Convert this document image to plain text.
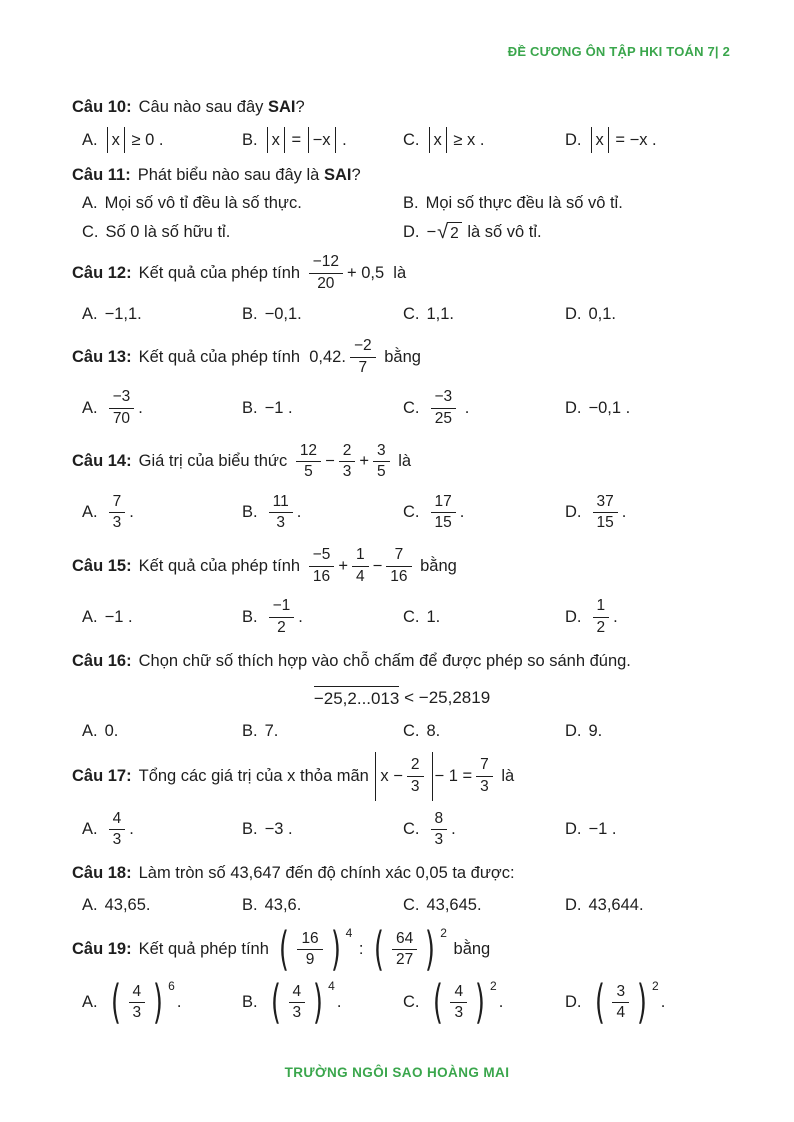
ĐỀ CƯƠNG ÔN TẬP HKI TOÁN 7| 2
Câu 10: Câu nào sau đây SAI ?
A. x ≥ 0 .	B. x = −x .	C. x ≥ x .	D. x = −x .
Câu 11: Phát biểu nào sau đây là SAI ?
A. Mọi số vô tỉ đều là số thực.	B. Mọi số thực đều là số vô tỉ.
C. Số 0 là số hữu tỉ.	D. − √ 2 là số vô tỉ.
Câu 12: Kết quả của phép tính $\frac{-12}{20} + 0,5$  là
A. −1,1.	B. −0,1.	C. 1,1.	D. 0,1.
Câu 13: Kết quả của phép tính  0,42. $\frac{-2}{7}$ bằng
A. $\frac{-3}{70}$ .	B. −1 .	C. $\frac{-3}{25}$ .	D. −0,1 .
Câu 14: Giá trị của biểu thức $\frac{12}{5} - \frac{2}{3} + \frac{3}{5}$ là
A. $\frac{7}{3}$ .	B. $\frac{11}{3}$ .	C. $\frac{17}{15}$ .	D. $\frac{37}{15}$ .
Câu 15: Kết quả của phép tính $\frac{-5}{16} + \frac{1}{4} - \frac{7}{16}$ bằng
A. −1 .	B. $\frac{-1}{2}$ .	C. 1.	D. $\frac{1}{2}$ .
Câu 16: Chọn chữ số thích hợp vào chỗ chấm để được phép so sánh đúng.
−25,2...013 < −25,2819
A. 0.	B. 7.	C. 8.	D. 9.
Câu 17: Tổng các giá trị của x thỏa mãn $x - \frac{2}{3} - 1 = \frac{7}{3}$ là
A. $\frac{4}{3}$ .	B. −3 .	C. $\frac{8}{3}$ .	D. −1 .
Câu 18: Làm tròn số 43,647 đến độ chính xác 0,05 ta được:
A. 43,65.	B. 43,6.	C. 43,645.	D. 43,644.
Câu 19: Kết quả phép tính ( $\frac{16}{9}$ ) 4
: ( $\frac{64}{27}$ ) 2
bằng
A. ( $\frac{4}{3}$ ) 6
.	B. ( $\frac{4}{3}$ ) 4
.	C. ( $\frac{4}{3}$ ) 2
.	D. ( $\frac{3}{4}$ ) 2
.
TRƯỜNG NGÔI SAO HOÀNG MAI
